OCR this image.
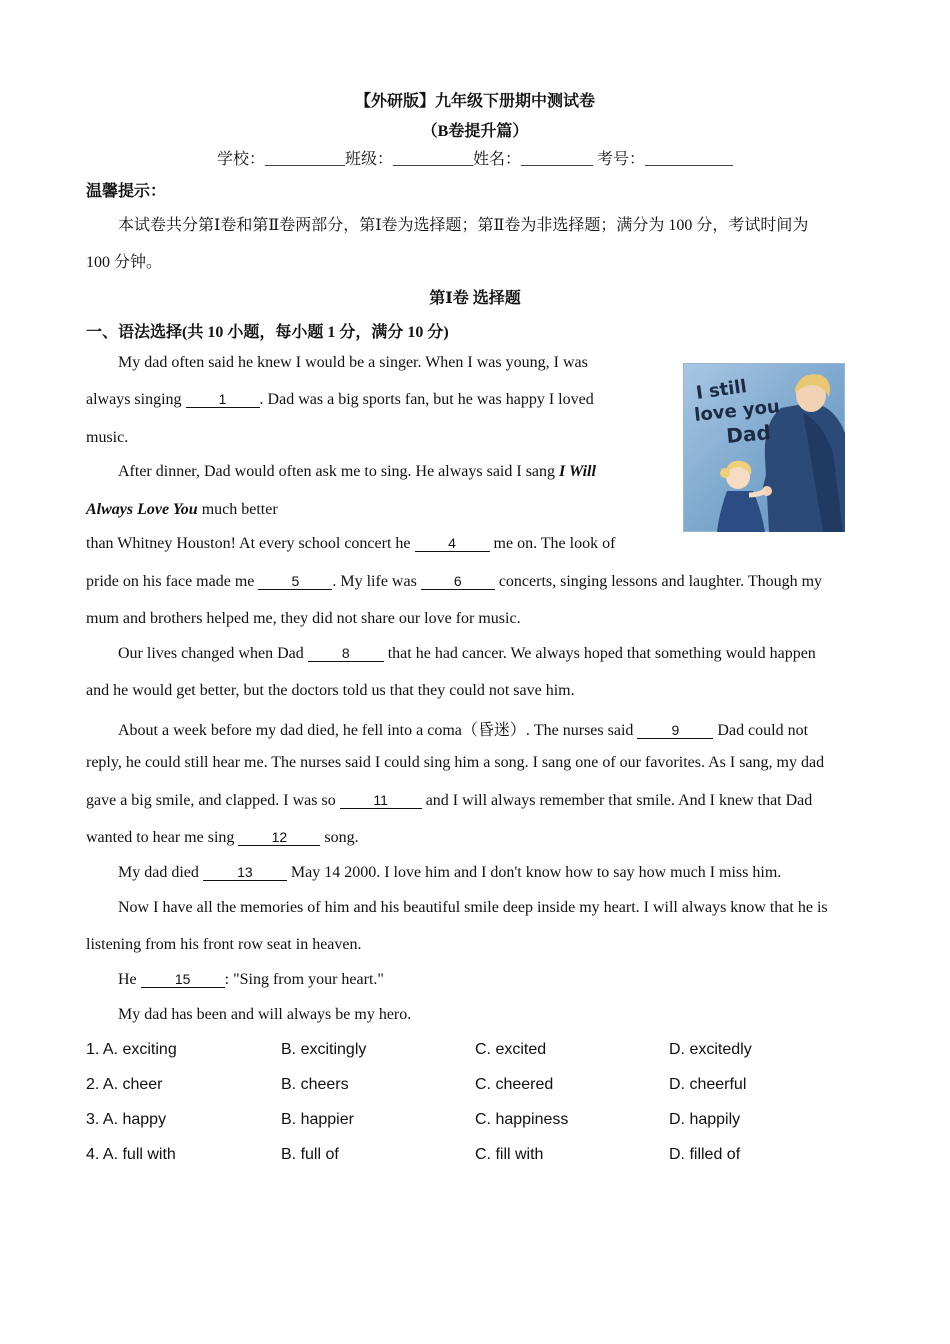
【外研版】九年级下册期中测试卷
（B卷提升篇）
学校：__________班级：__________姓名：_________ 考号：___________
温馨提示：
本试卷共分第Ⅰ卷和第Ⅱ卷两部分，第Ⅰ卷为选择题；第Ⅱ卷为非选择题；满分为 100 分，考试时间为
100 分钟。
第Ⅰ卷 选择题
一、语法选择(共 10 小题，每小题 1 分，满分 10 分)
My dad often said he knew I would be a singer. When I was young, I was
always singing 1 . Dad was a big sports fan, but he was happy I loved
music.
After dinner, Dad would often ask me to sing. He always said I sang I Will
Always Love You much better
than Whitney Houston! At every school concert he 4 me on. The look of
pride on his face made me 5 . My life was 6 concerts, singing lessons and laughter. Though my
mum and brothers helped me, they did not share our love for music.
Our lives changed when Dad 8 that he had cancer. We always hoped that something would happen
and he would get better, but the doctors told us that they could not save him.
About a week before my dad died, he fell into a coma（昏迷）. The nurses said 9 Dad could not
reply, he could still hear me. The nurses said I could sing him a song. I sang one of our favorites. As I sang, my dad
gave a big smile, and clapped. I was so 11 and I will always remember that smile. And I knew that Dad
wanted to hear me sing 12 song.
My dad died 13 May 14 2000. I love him and I don't know how to say how much I miss him.
Now I have all the memories of him and his beautiful smile deep inside my heart. I will always know that he is
listening from his front row seat in heaven.
He 15 : "Sing from your heart."
My dad has been and will always be my hero.
I still
love you
Dad
1. A. exciting	B. excitingly	C. excited	D. excitedly
2. A. cheer	B. cheers	C. cheered	D. cheerful
3. A. happy	B. happier	C. happiness	D. happily
4. A. full with	B. full of	C. fill with	D. filled of
